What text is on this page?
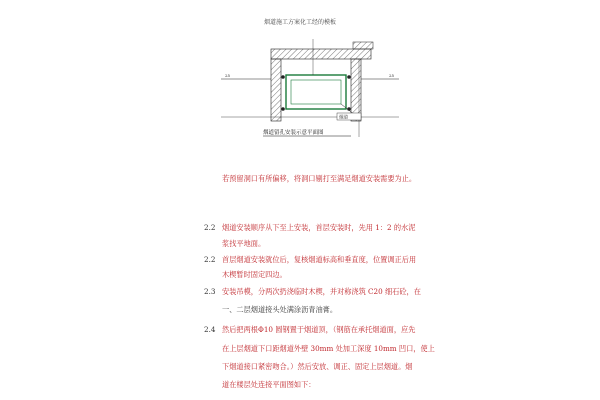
烟道施工方案化工经的模板
25	25
烟道
烟道留孔安装示意平面图
若预留洞口有所偏移，将洞口剔打至满足烟道安装需要为止。
2.2 烟道安装顺序从下至上安装，首层安装时，先用 1：2 的水泥
浆找平地面。
2.2 首层烟道安装就位后，复核烟道标高和垂直度，位置调正后用
木楔暂时固定四边。
2.3 安装吊模，分两次扔浇临时木楔，并对称浇筑 C20 细石砼，在
一、二层烟道接头处满涂沥青油膏。
2.4 然后把两根Φ10 圆钢置于烟道顶，（钢筋在承托烟道面，应先
在上层烟道下口距烟道外壁 30mm 处加工深度 10mm 凹口，使上
下烟道接口紧密吻合。）然后安放、调正、固定上层烟道。烟
道在楼层处连接平面图如下：
